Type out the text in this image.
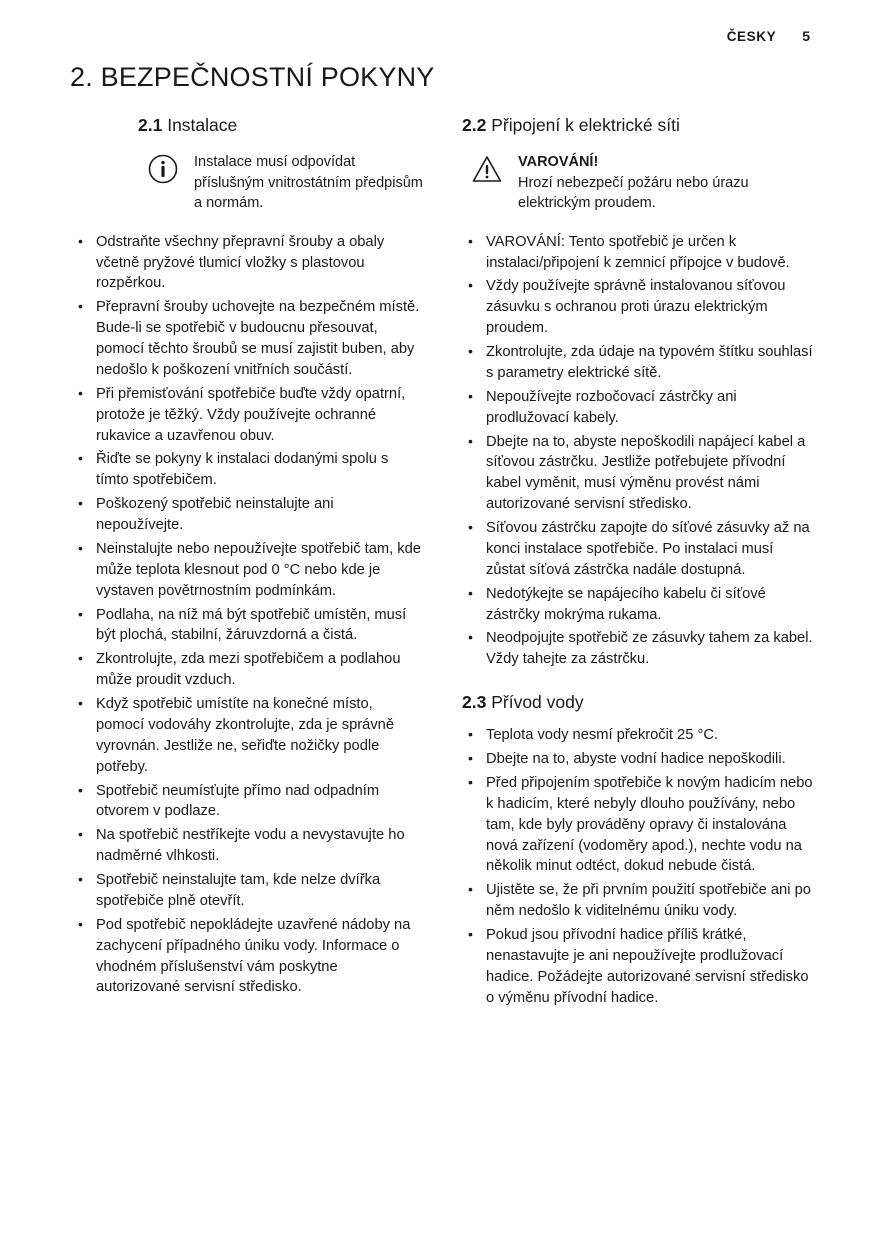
ČESKY 5
2. BEZPEČNOSTNÍ POKYNY
2.1 Instalace
Instalace musí odpovídat příslušným vnitrostátním předpisům a normám.
• Odstraňte všechny přepravní šrouby a obaly včetně pryžové tlumicí vložky s plastovou rozpěrkou.
• Přepravní šrouby uchovejte na bezpečném místě. Bude-li se spotřebič v budoucnu přesouvat, pomocí těchto šroubů se musí zajistit buben, aby nedošlo k poškození vnitřních součástí.
• Při přemisťování spotřebiče buďte vždy opatrní, protože je těžký. Vždy používejte ochranné rukavice a uzavřenou obuv.
• Řiďte se pokyny k instalaci dodanými spolu s tímto spotřebičem.
• Poškozený spotřebič neinstalujte ani nepoužívejte.
• Neinstalujte nebo nepoužívejte spotřebič tam, kde může teplota klesnout pod 0 °C nebo kde je vystaven povětrnostním podmínkám.
• Podlaha, na níž má být spotřebič umístěn, musí být plochá, stabilní, žáruvzdorná a čistá.
• Zkontrolujte, zda mezi spotřebičem a podlahou může proudit vzduch.
• Když spotřebič umístíte na konečné místo, pomocí vodováhy zkontrolujte, zda je správně vyrovnán. Jestliže ne, seřiďte nožičky podle potřeby.
• Spotřebič neumísťujte přímo nad odpadním otvorem v podlaze.
• Na spotřebič nestříkejte vodu a nevystavujte ho nadměrné vlhkosti.
• Spotřebič neinstalujte tam, kde nelze dvířka spotřebiče plně otevřít.
• Pod spotřebič nepokládejte uzavřené nádoby na zachycení případného úniku vody. Informace o vhodném příslušenství vám poskytne autorizované servisní středisko.
2.2 Připojení k elektrické síti
VAROVÁNÍ!
Hrozí nebezpečí požáru nebo úrazu elektrickým proudem.
• VAROVÁNÍ: Tento spotřebič je určen k instalaci/připojení k zemnicí přípojce v budově.
• Vždy používejte správně instalovanou síťovou zásuvku s ochranou proti úrazu elektrickým proudem.
• Zkontrolujte, zda údaje na typovém štítku souhlasí s parametry elektrické sítě.
• Nepoužívejte rozbočovací zástrčky ani prodlužovací kabely.
• Dbejte na to, abyste nepoškodili napájecí kabel a síťovou zástrčku. Jestliže potřebujete přívodní kabel vyměnit, musí výměnu provést námi autorizované servisní středisko.
• Síťovou zástrčku zapojte do síťové zásuvky až na konci instalace spotřebiče. Po instalaci musí zůstat síťová zástrčka nadále dostupná.
• Nedotýkejte se napájecího kabelu či síťové zástrčky mokrýma rukama.
• Neodpojujte spotřebič ze zásuvky tahem za kabel. Vždy tahejte za zástrčku.
2.3 Přívod vody
• Teplota vody nesmí překročit 25 °C.
• Dbejte na to, abyste vodní hadice nepoškodili.
• Před připojením spotřebiče k novým hadicím nebo k hadicím, které nebyly dlouho používány, nebo tam, kde byly prováděny opravy či instalována nová zařízení (vodoměry apod.), nechte vodu na několik minut odtéct, dokud nebude čistá.
• Ujistěte se, že při prvním použití spotřebiče ani po něm nedošlo k viditelnému úniku vody.
• Pokud jsou přívodní hadice příliš krátké, nenastavujte je ani nepoužívejte prodlužovací hadice. Požádejte autorizované servisní středisko o výměnu přívodní hadice.
